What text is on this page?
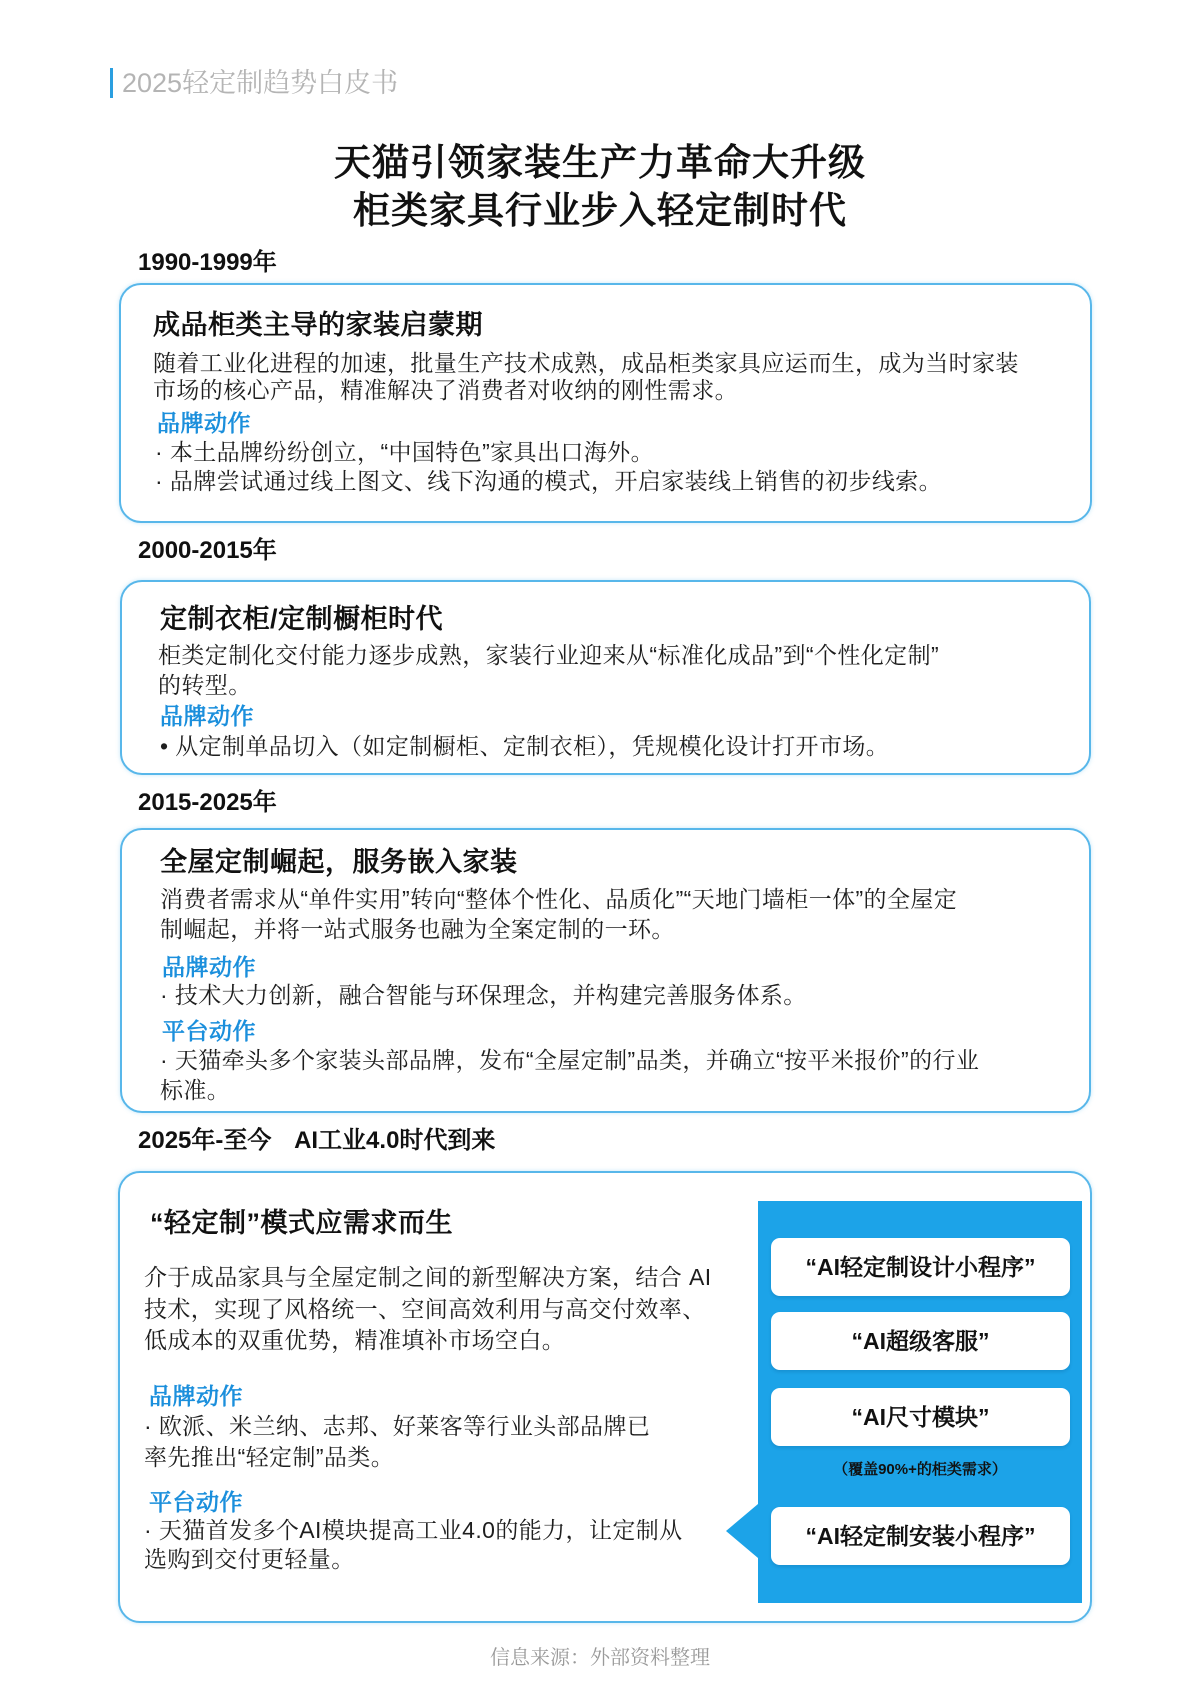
2025轻定制趋势白皮书
天猫引领家装生产力革命大升级
柜类家具行业步入轻定制时代
1990-1999年
成品柜类主导的家装启蒙期
随着工业化进程的加速，批量生产技术成熟，成品柜类家具应运而生，成为当时家装
市场的核心产品，精准解决了消费者对收纳的刚性需求。
品牌动作
· 本土品牌纷纷创立，“中国特色”家具出口海外。
· 品牌尝试通过线上图文、线下沟通的模式，开启家装线上销售的初步线索。
2000-2015年
定制衣柜/定制橱柜时代
柜类定制化交付能力逐步成熟，家装行业迎来从“标准化成品”到“个性化定制”
的转型。
品牌动作
• 从定制单品切入（如定制橱柜、定制衣柜），凭规模化设计打开市场。
2015-2025年
全屋定制崛起，服务嵌入家装
消费者需求从“单件实用”转向“整体个性化、品质化”“天地门墙柜一体”的全屋定
制崛起，并将一站式服务也融为全案定制的一环。
品牌动作
· 技术大力创新，融合智能与环保理念，并构建完善服务体系。
平台动作
· 天猫牵头多个家装头部品牌，发布“全屋定制”品类，并确立“按平米报价”的行业
标准。
2025年-至今 AI工业4.0时代到来
“轻定制”模式应需求而生
介于成品家具与全屋定制之间的新型解决方案，结合 AI
技术，实现了风格统一、空间高效利用与高交付效率、
低成本的双重优势，精准填补市场空白。
品牌动作
· 欧派、米兰纳、志邦、好莱客等行业头部品牌已
率先推出“轻定制”品类。
平台动作
· 天猫首发多个AI模块提高工业4.0的能力，让定制从
选购到交付更轻量。
“AI轻定制设计小程序”
“AI超级客服”
“AI尺寸模块”
（覆盖90%+的柜类需求）
“AI轻定制安装小程序”
信息来源：外部资料整理
